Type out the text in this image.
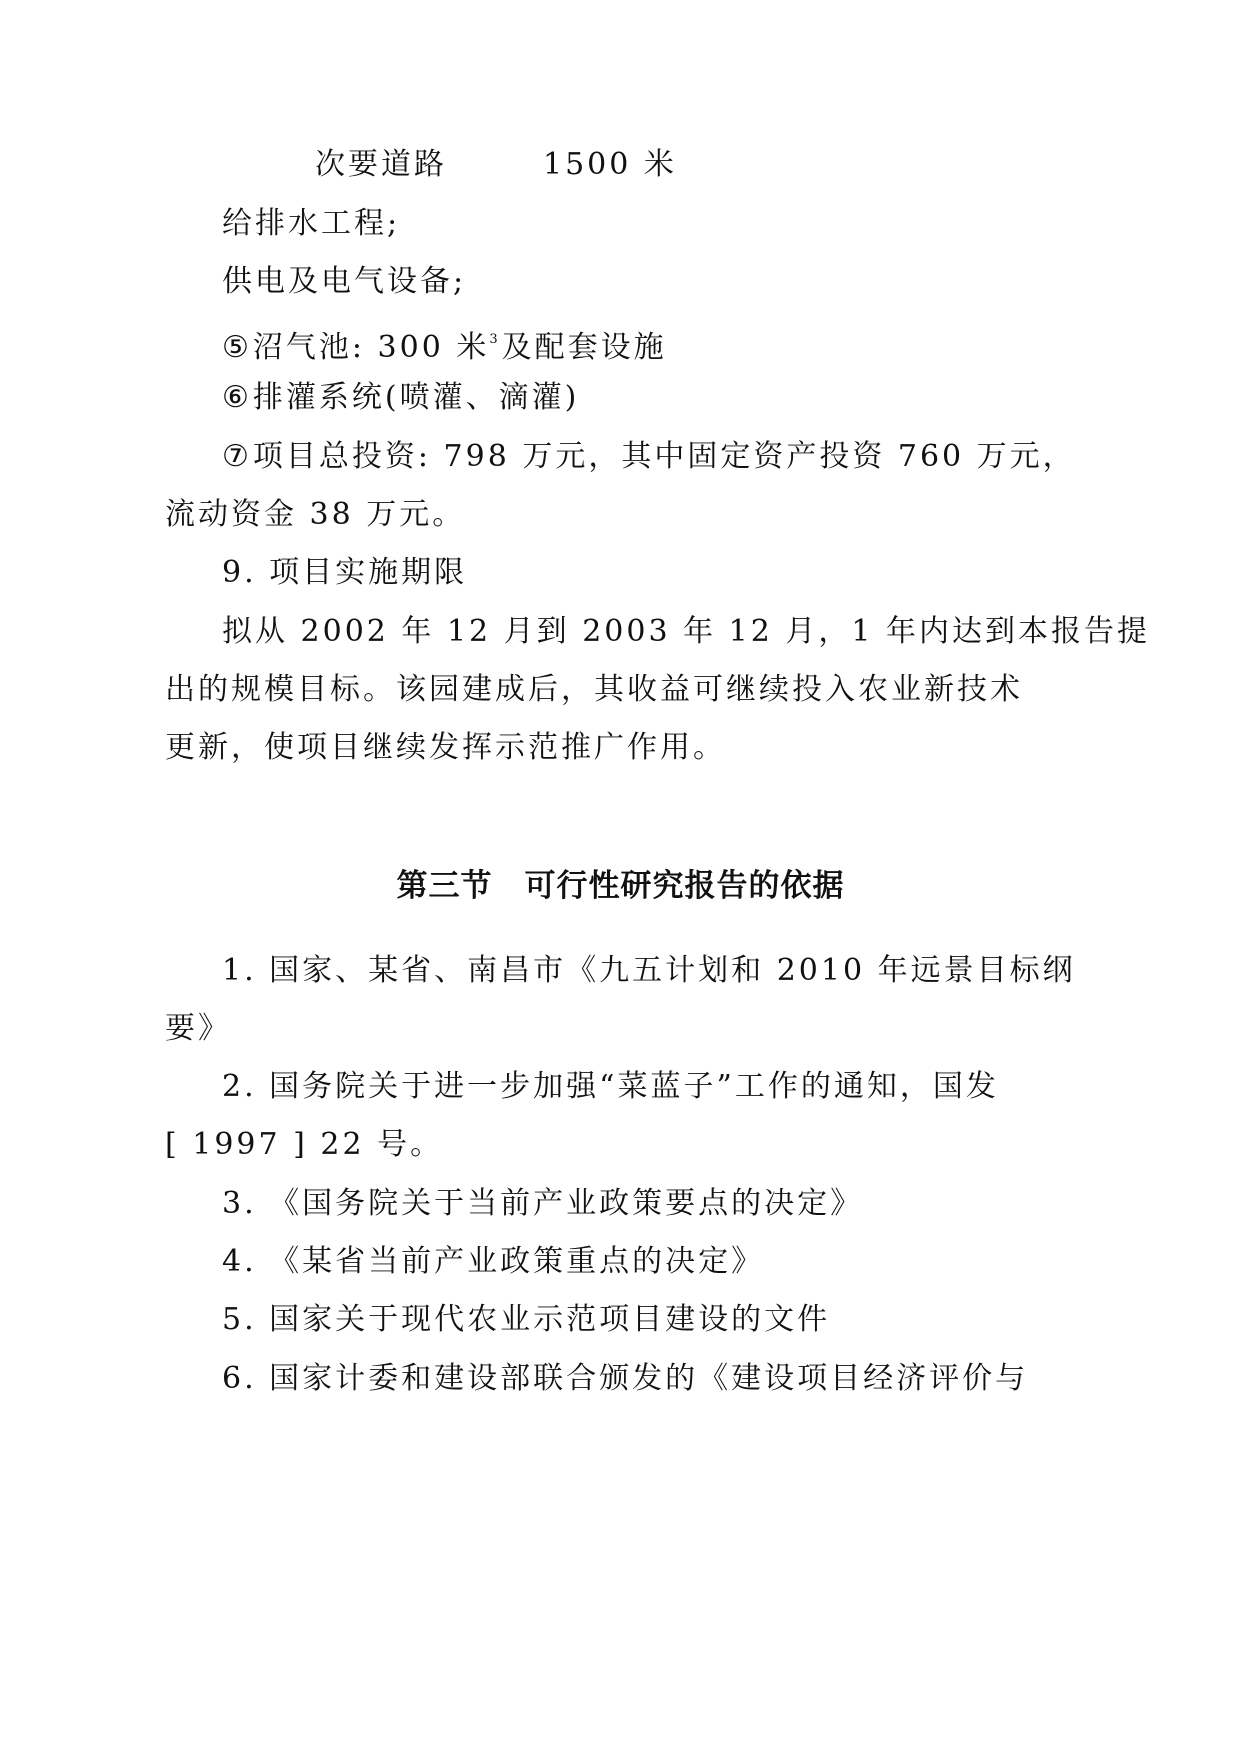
次要道路	1500 米
给排水工程;
供电及电气设备;
⑤ 沼气池: 300 米$^3$ 及配套设施
⑥ 排灌系统(喷灌、滴灌)
⑦ 项目总投资: 798 万元，其中固定资产投资 760 万元，
流动资金 38 万元。
9. 项目实施期限
拟从 2002 年 12 月到 2003 年 12 月，1 年内达到本报告提
出的规模目标。该园建成后，其收益可继续投入农业新技术
更新，使项目继续发挥示范推广作用。
第三节 可行性研究报告的依据
1. 国家、某省、南昌市《九五计划和 2010 年远景目标纲
要》
2. 国务院关于进一步加强“菜蓝子”工作的通知，国发
[ 1997 ] 22 号。
3. 《国务院关于当前产业政策要点的决定》
4. 《某省当前产业政策重点的决定》
5. 国家关于现代农业示范项目建设的文件
6. 国家计委和建设部联合颁发的《建设项目经济评价与
